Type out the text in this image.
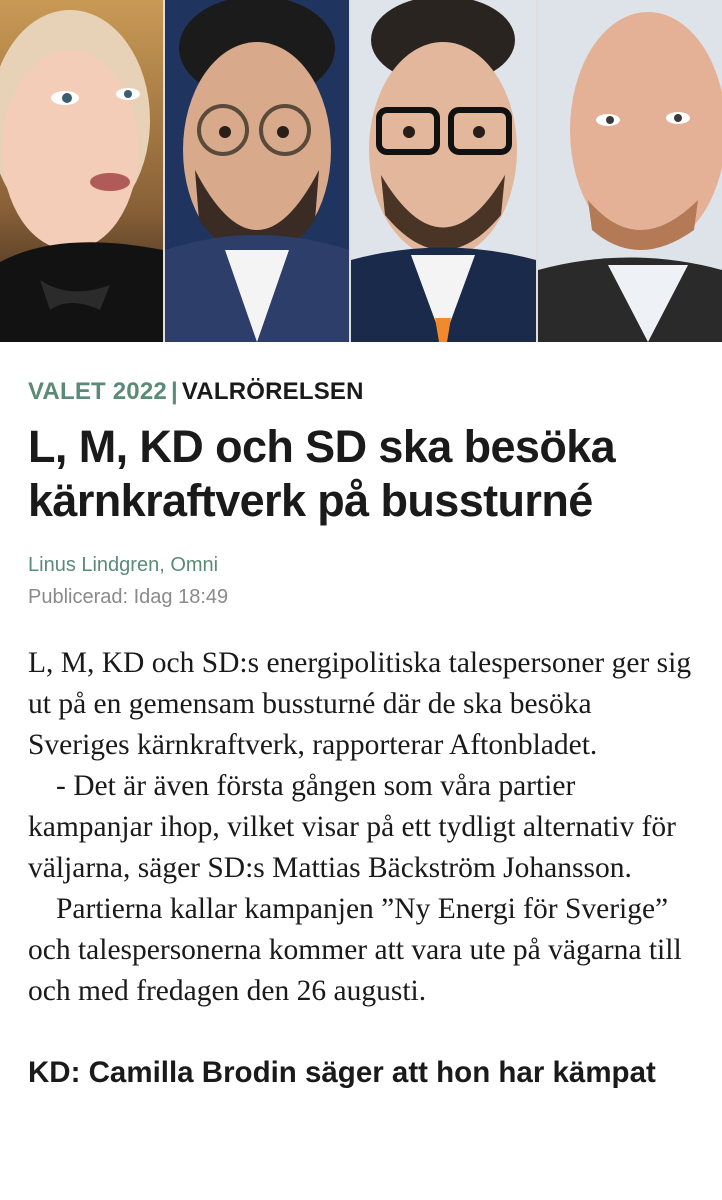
VALET 2022 | VALRÖRELSEN
L, M, KD och SD ska besöka kärnkraftverk på bussturné
Linus Lindgren, Omni
Publicerad: Idag 18:49

L, M, KD och SD:s energipolitiska talespersoner ger sig ut på en gemensam bussturné där de ska besöka Sveriges kärnkraftverk, rapporterar Aftonbladet.

- Det är även första gången som våra partier kampanjar ihop, vilket visar på ett tydligt alternativ för väljarna, säger SD:s Mattias Bäckström Johansson.

Partierna kallar kampanjen ”Ny Energi för Sverige” och talespersonerna kommer att vara ute på vägarna till och med fredagen den 26 augusti.

KD: Camilla Brodin säger att hon har kämpat
